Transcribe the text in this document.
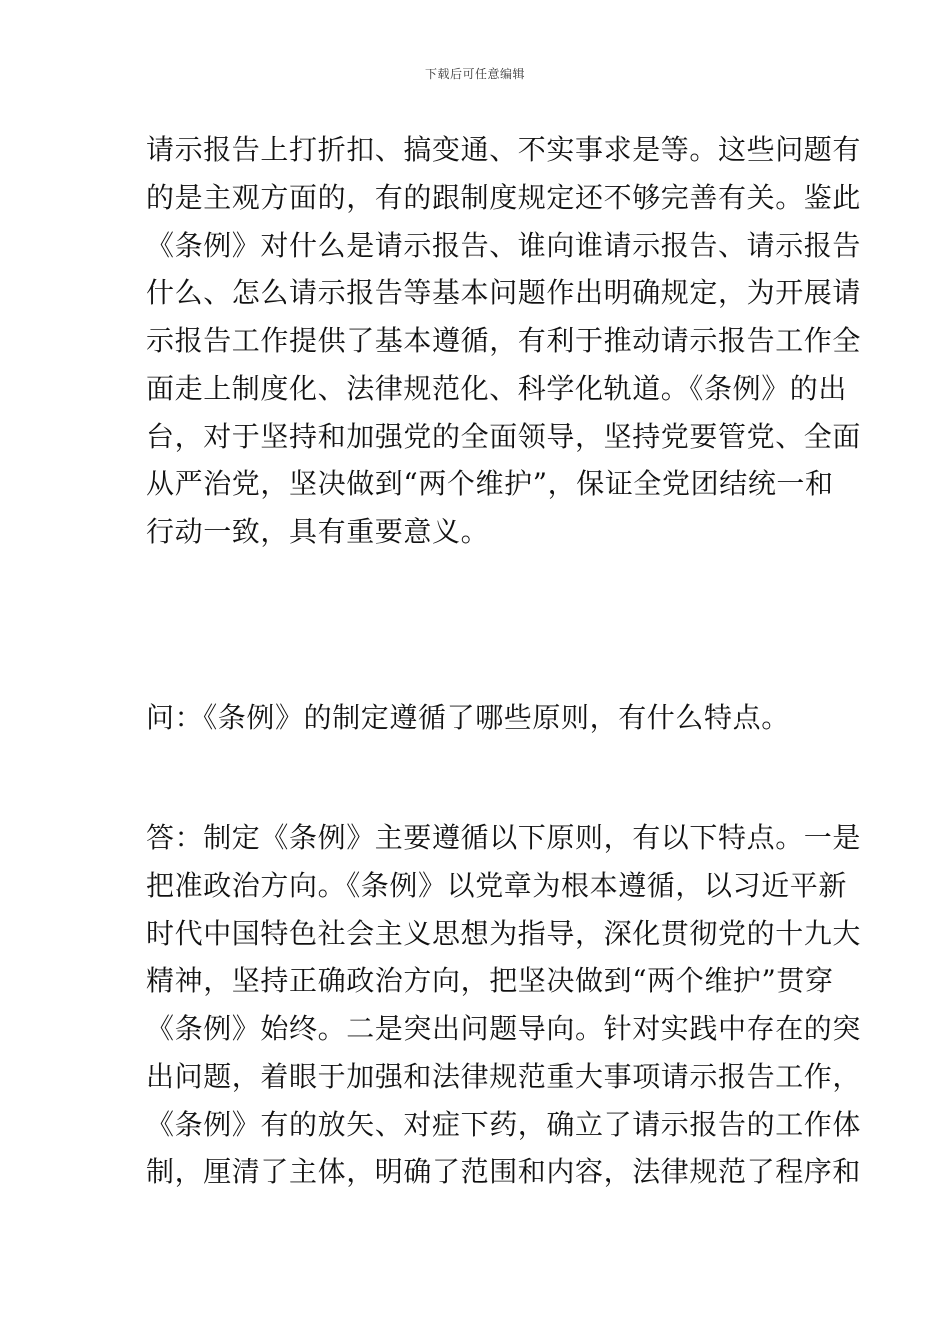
下载后可任意编辑
请示报告上打折扣、搞变通、不实事求是等。这些问题有
的是主观方面的，有的跟制度规定还不够完善有关。鉴此
《条例》对什么是请示报告、谁向谁请示报告、请示报告
什么、怎么请示报告等基本问题作出明确规定，为开展请
示报告工作提供了基本遵循，有利于推动请示报告工作全
面走上制度化、法律规范化、科学化轨道。《条例》的出
台，对于坚持和加强党的全面领导，坚持党要管党、全面
从严治党，坚决做到“两个维护”，保证全党团结统一和
行动一致，具有重要意义。
问：《条例》的制定遵循了哪些原则，有什么特点。
答：制定《条例》主要遵循以下原则，有以下特点。一是
把准政治方向。《条例》以党章为根本遵循，以习近平新
时代中国特色社会主义思想为指导，深化贯彻党的十九大
精神，坚持正确政治方向，把坚决做到“两个维护”贯穿
《条例》始终。二是突出问题导向。针对实践中存在的突
出问题，着眼于加强和法律规范重大事项请示报告工作，
《条例》有的放矢、对症下药，确立了请示报告的工作体
制，厘清了主体，明确了范围和内容，法律规范了程序和
